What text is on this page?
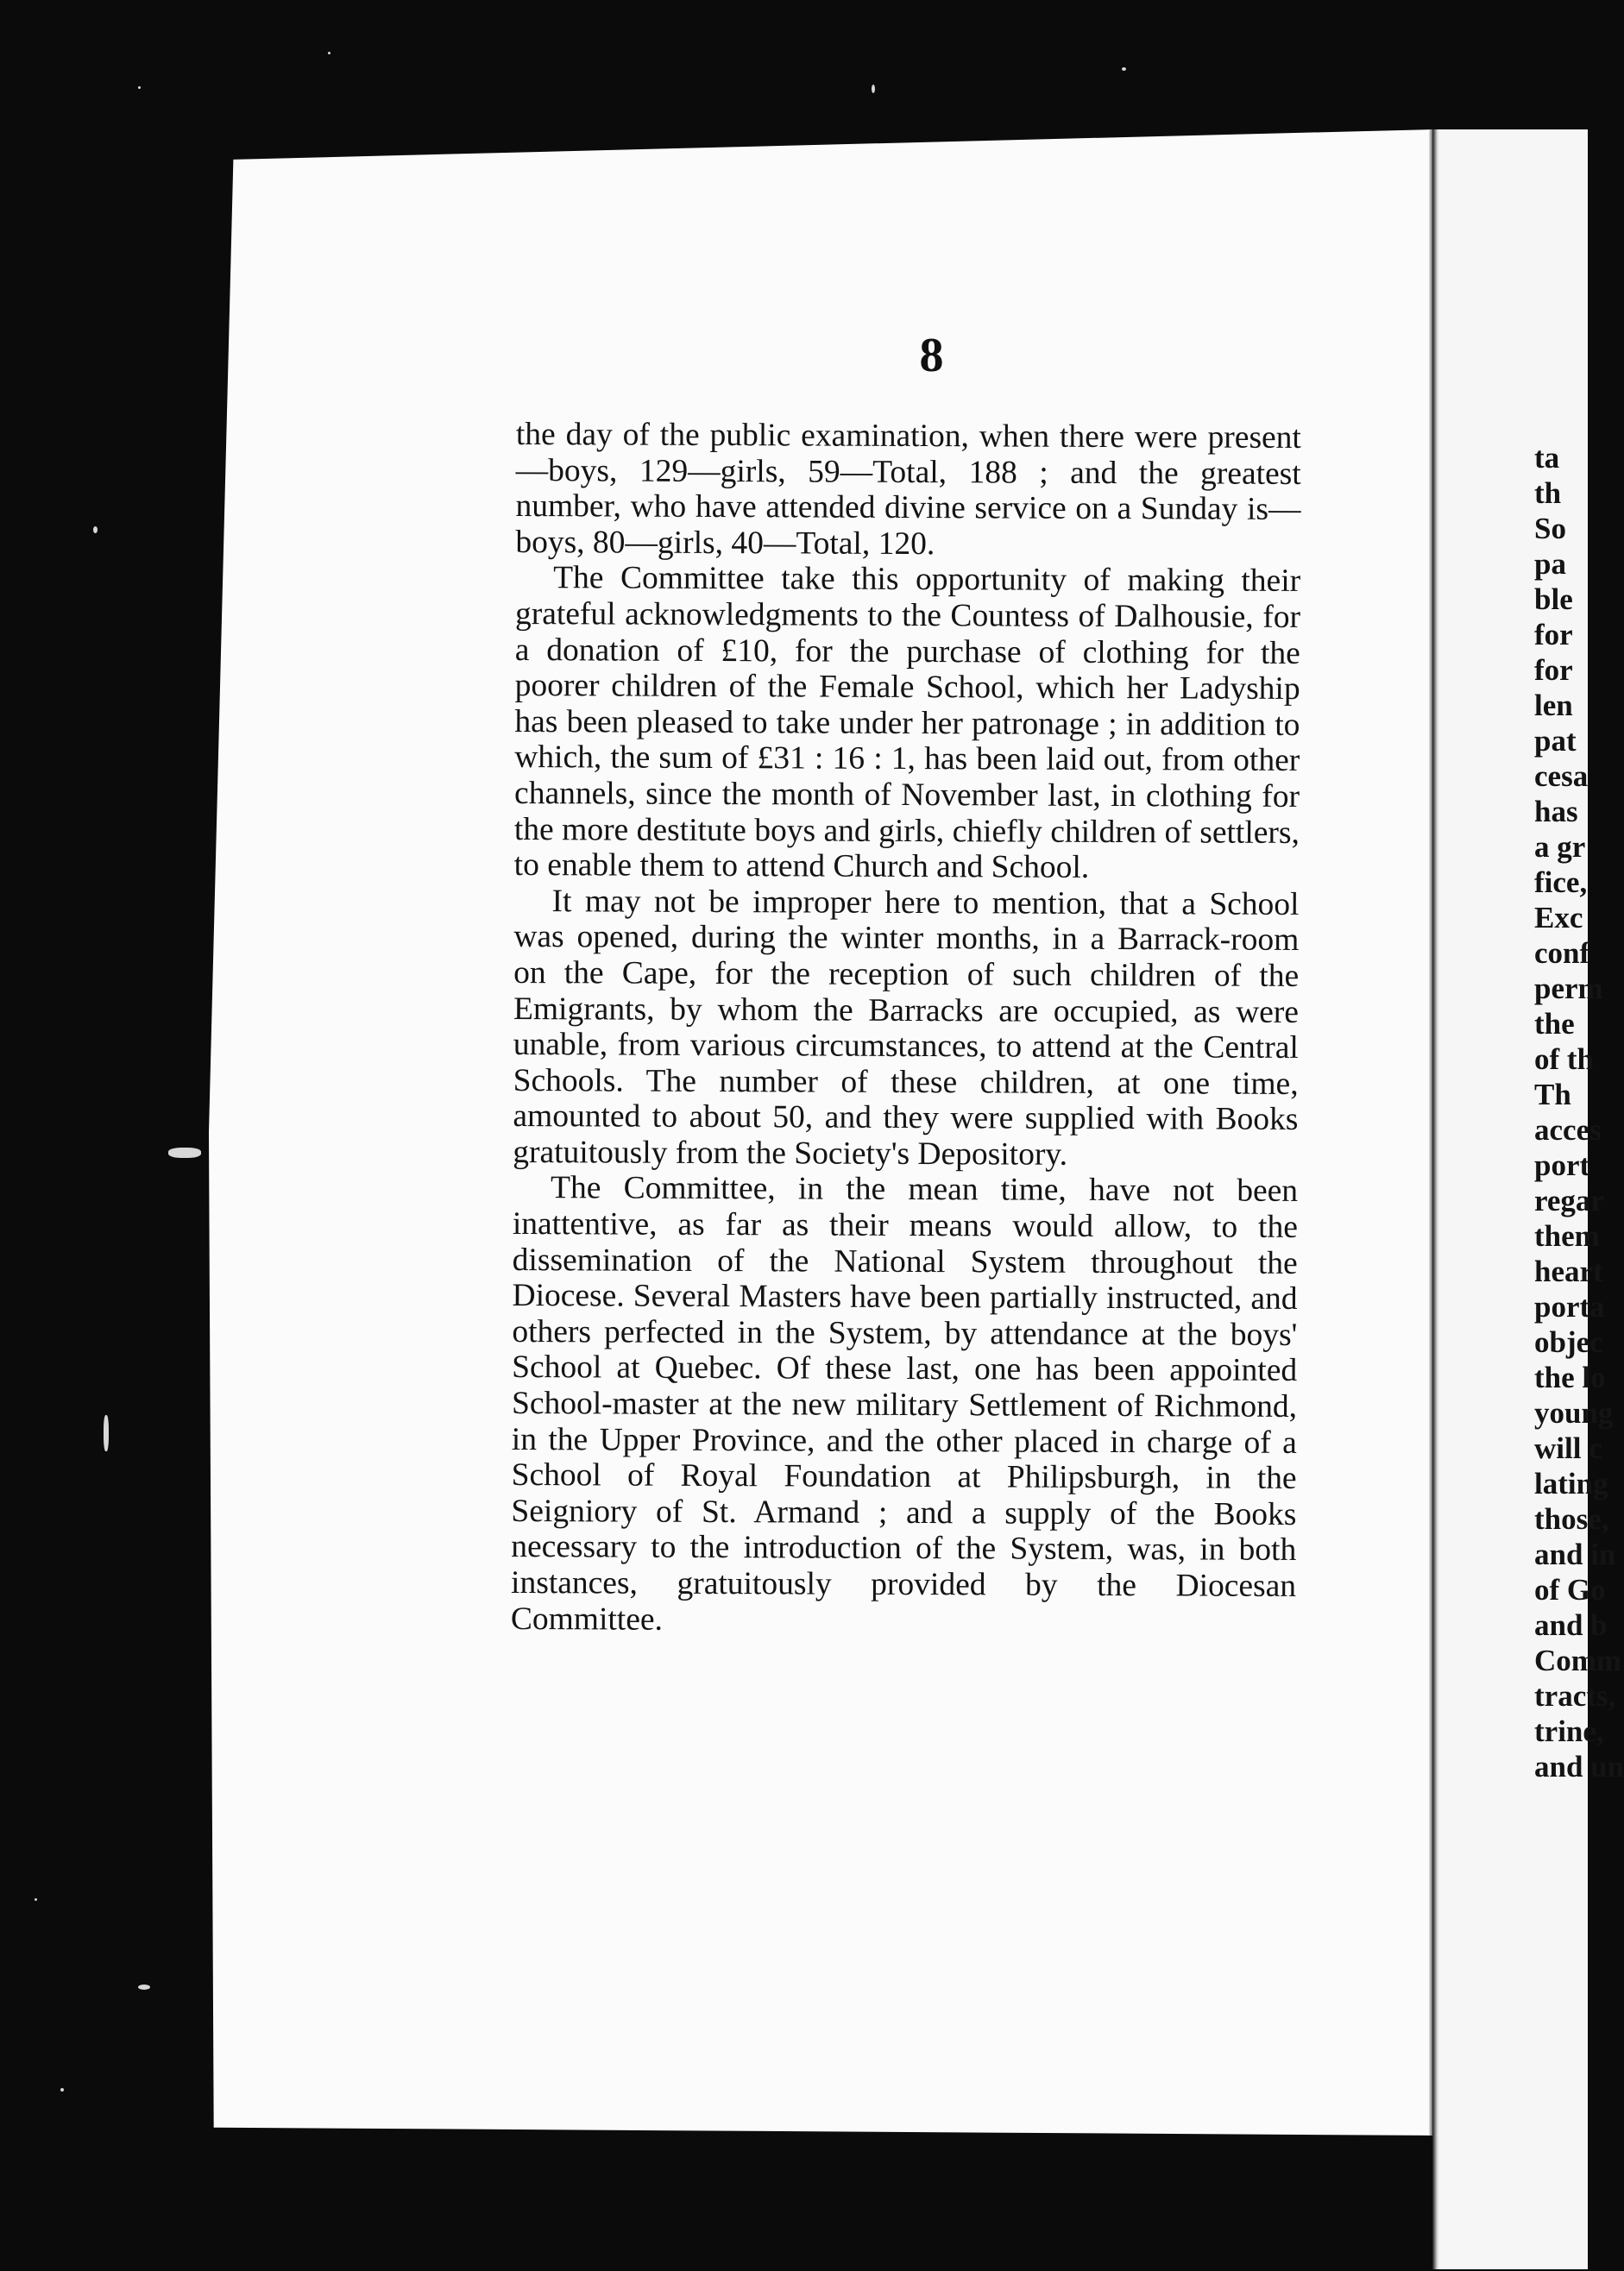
8

the day of the public examination, when there were present—boys, 129—girls, 59—Total, 188 ; and the greatest number, who have attended divine service on a Sunday is—boys, 80—girls, 40—Total, 120.

The Committee take this opportunity of making their grateful acknowledgments to the Countess of Dalhousie, for a donation of £10, for the purchase of clothing for the poorer children of the Female School, which her Ladyship has been pleased to take under her patronage ; in addition to which, the sum of £31 : 16 : 1, has been laid out, from other channels, since the month of November last, in clothing for the more destitute boys and girls, chiefly children of settlers, to enable them to attend Church and School.

It may not be improper here to mention, that a School was opened, during the winter months, in a Barrack-room on the Cape, for the reception of such children of the Emigrants, by whom the Barracks are occupied, as were unable, from various circumstances, to attend at the Central Schools. The number of these children, at one time, amounted to about 50, and they were supplied with Books gratuitously from the Society's Depository.

The Committee, in the mean time, have not been inattentive, as far as their means would allow, to the dissemination of the National System throughout the Diocese. Several Masters have been partially instructed, and others perfected in the System, by attendance at the boys' School at Quebec. Of these last, one has been appointed School-master at the new military Settlement of Richmond, in the Upper Province, and the other placed in charge of a School of Royal Foundation at Philipsburgh, in the Seigniory of St. Armand ; and a supply of the Books necessary to the introduction of the System, was, in both instances, gratuitously provided by the Diocesan Committee.

ta
th
So
pa
ble
for
for
len
pat
cesa
has
a gr
fice,
Exc
conf
perm
the
of th
Th
acces
port
regar
them
heart
porta
objec
the lo
young
will c
lating
those,
and in
of Go
and b
Comm
tracts,
trine,
and un
